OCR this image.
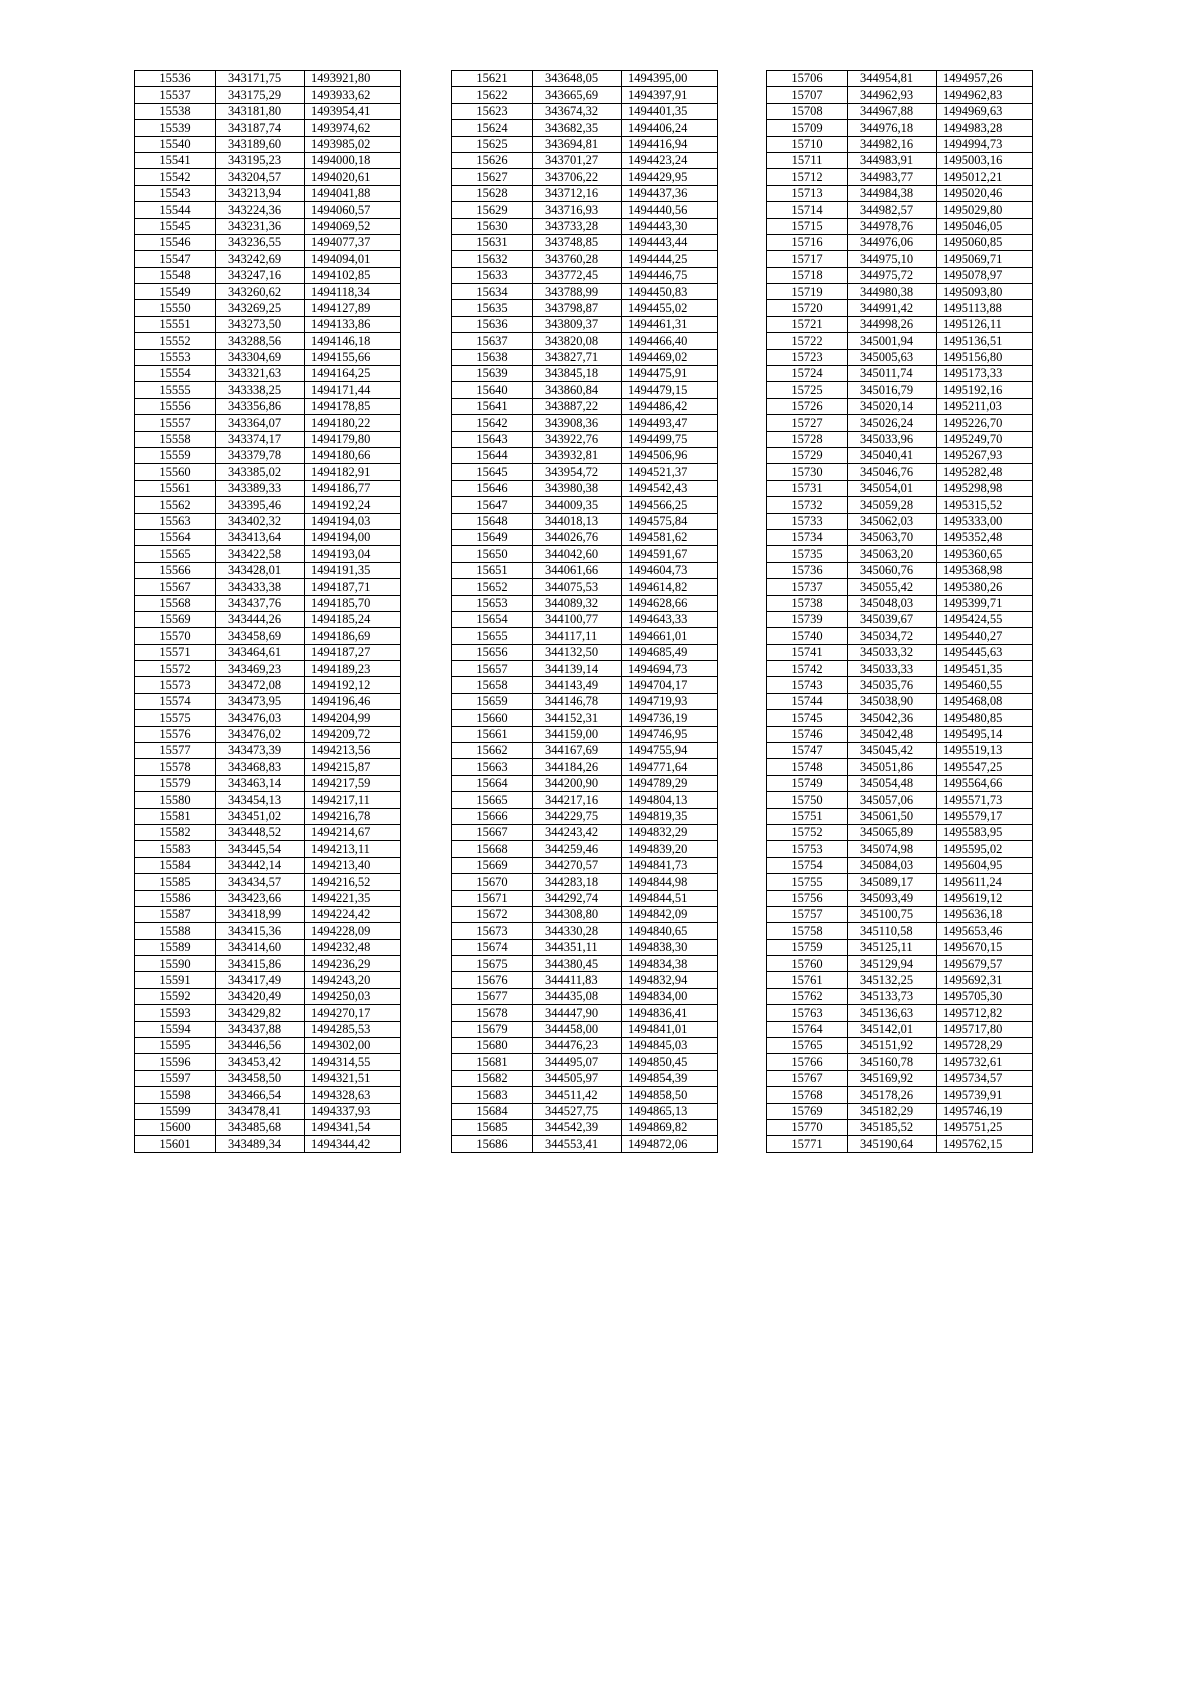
15536	343171,75	1493921,80
15537	343175,29	1493933,62
15538	343181,80	1493954,41
15539	343187,74	1493974,62
15540	343189,60	1493985,02
15541	343195,23	1494000,18
15542	343204,57	1494020,61
15543	343213,94	1494041,88
15544	343224,36	1494060,57
15545	343231,36	1494069,52
15546	343236,55	1494077,37
15547	343242,69	1494094,01
15548	343247,16	1494102,85
15549	343260,62	1494118,34
15550	343269,25	1494127,89
15551	343273,50	1494133,86
15552	343288,56	1494146,18
15553	343304,69	1494155,66
15554	343321,63	1494164,25
15555	343338,25	1494171,44
15556	343356,86	1494178,85
15557	343364,07	1494180,22
15558	343374,17	1494179,80
15559	343379,78	1494180,66
15560	343385,02	1494182,91
15561	343389,33	1494186,77
15562	343395,46	1494192,24
15563	343402,32	1494194,03
15564	343413,64	1494194,00
15565	343422,58	1494193,04
15566	343428,01	1494191,35
15567	343433,38	1494187,71
15568	343437,76	1494185,70
15569	343444,26	1494185,24
15570	343458,69	1494186,69
15571	343464,61	1494187,27
15572	343469,23	1494189,23
15573	343472,08	1494192,12
15574	343473,95	1494196,46
15575	343476,03	1494204,99
15576	343476,02	1494209,72
15577	343473,39	1494213,56
15578	343468,83	1494215,87
15579	343463,14	1494217,59
15580	343454,13	1494217,11
15581	343451,02	1494216,78
15582	343448,52	1494214,67
15583	343445,54	1494213,11
15584	343442,14	1494213,40
15585	343434,57	1494216,52
15586	343423,66	1494221,35
15587	343418,99	1494224,42
15588	343415,36	1494228,09
15589	343414,60	1494232,48
15590	343415,86	1494236,29
15591	343417,49	1494243,20
15592	343420,49	1494250,03
15593	343429,82	1494270,17
15594	343437,88	1494285,53
15595	343446,56	1494302,00
15596	343453,42	1494314,55
15597	343458,50	1494321,51
15598	343466,54	1494328,63
15599	343478,41	1494337,93
15600	343485,68	1494341,54
15601	343489,34	1494344,42
15621	343648,05	1494395,00
15622	343665,69	1494397,91
15623	343674,32	1494401,35
15624	343682,35	1494406,24
15625	343694,81	1494416,94
15626	343701,27	1494423,24
15627	343706,22	1494429,95
15628	343712,16	1494437,36
15629	343716,93	1494440,56
15630	343733,28	1494443,30
15631	343748,85	1494443,44
15632	343760,28	1494444,25
15633	343772,45	1494446,75
15634	343788,99	1494450,83
15635	343798,87	1494455,02
15636	343809,37	1494461,31
15637	343820,08	1494466,40
15638	343827,71	1494469,02
15639	343845,18	1494475,91
15640	343860,84	1494479,15
15641	343887,22	1494486,42
15642	343908,36	1494493,47
15643	343922,76	1494499,75
15644	343932,81	1494506,96
15645	343954,72	1494521,37
15646	343980,38	1494542,43
15647	344009,35	1494566,25
15648	344018,13	1494575,84
15649	344026,76	1494581,62
15650	344042,60	1494591,67
15651	344061,66	1494604,73
15652	344075,53	1494614,82
15653	344089,32	1494628,66
15654	344100,77	1494643,33
15655	344117,11	1494661,01
15656	344132,50	1494685,49
15657	344139,14	1494694,73
15658	344143,49	1494704,17
15659	344146,78	1494719,93
15660	344152,31	1494736,19
15661	344159,00	1494746,95
15662	344167,69	1494755,94
15663	344184,26	1494771,64
15664	344200,90	1494789,29
15665	344217,16	1494804,13
15666	344229,75	1494819,35
15667	344243,42	1494832,29
15668	344259,46	1494839,20
15669	344270,57	1494841,73
15670	344283,18	1494844,98
15671	344292,74	1494844,51
15672	344308,80	1494842,09
15673	344330,28	1494840,65
15674	344351,11	1494838,30
15675	344380,45	1494834,38
15676	344411,83	1494832,94
15677	344435,08	1494834,00
15678	344447,90	1494836,41
15679	344458,00	1494841,01
15680	344476,23	1494845,03
15681	344495,07	1494850,45
15682	344505,97	1494854,39
15683	344511,42	1494858,50
15684	344527,75	1494865,13
15685	344542,39	1494869,82
15686	344553,41	1494872,06
15706	344954,81	1494957,26
15707	344962,93	1494962,83
15708	344967,88	1494969,63
15709	344976,18	1494983,28
15710	344982,16	1494994,73
15711	344983,91	1495003,16
15712	344983,77	1495012,21
15713	344984,38	1495020,46
15714	344982,57	1495029,80
15715	344978,76	1495046,05
15716	344976,06	1495060,85
15717	344975,10	1495069,71
15718	344975,72	1495078,97
15719	344980,38	1495093,80
15720	344991,42	1495113,88
15721	344998,26	1495126,11
15722	345001,94	1495136,51
15723	345005,63	1495156,80
15724	345011,74	1495173,33
15725	345016,79	1495192,16
15726	345020,14	1495211,03
15727	345026,24	1495226,70
15728	345033,96	1495249,70
15729	345040,41	1495267,93
15730	345046,76	1495282,48
15731	345054,01	1495298,98
15732	345059,28	1495315,52
15733	345062,03	1495333,00
15734	345063,70	1495352,48
15735	345063,20	1495360,65
15736	345060,76	1495368,98
15737	345055,42	1495380,26
15738	345048,03	1495399,71
15739	345039,67	1495424,55
15740	345034,72	1495440,27
15741	345033,32	1495445,63
15742	345033,33	1495451,35
15743	345035,76	1495460,55
15744	345038,90	1495468,08
15745	345042,36	1495480,85
15746	345042,48	1495495,14
15747	345045,42	1495519,13
15748	345051,86	1495547,25
15749	345054,48	1495564,66
15750	345057,06	1495571,73
15751	345061,50	1495579,17
15752	345065,89	1495583,95
15753	345074,98	1495595,02
15754	345084,03	1495604,95
15755	345089,17	1495611,24
15756	345093,49	1495619,12
15757	345100,75	1495636,18
15758	345110,58	1495653,46
15759	345125,11	1495670,15
15760	345129,94	1495679,57
15761	345132,25	1495692,31
15762	345133,73	1495705,30
15763	345136,63	1495712,82
15764	345142,01	1495717,80
15765	345151,92	1495728,29
15766	345160,78	1495732,61
15767	345169,92	1495734,57
15768	345178,26	1495739,91
15769	345182,29	1495746,19
15770	345185,52	1495751,25
15771	345190,64	1495762,15
